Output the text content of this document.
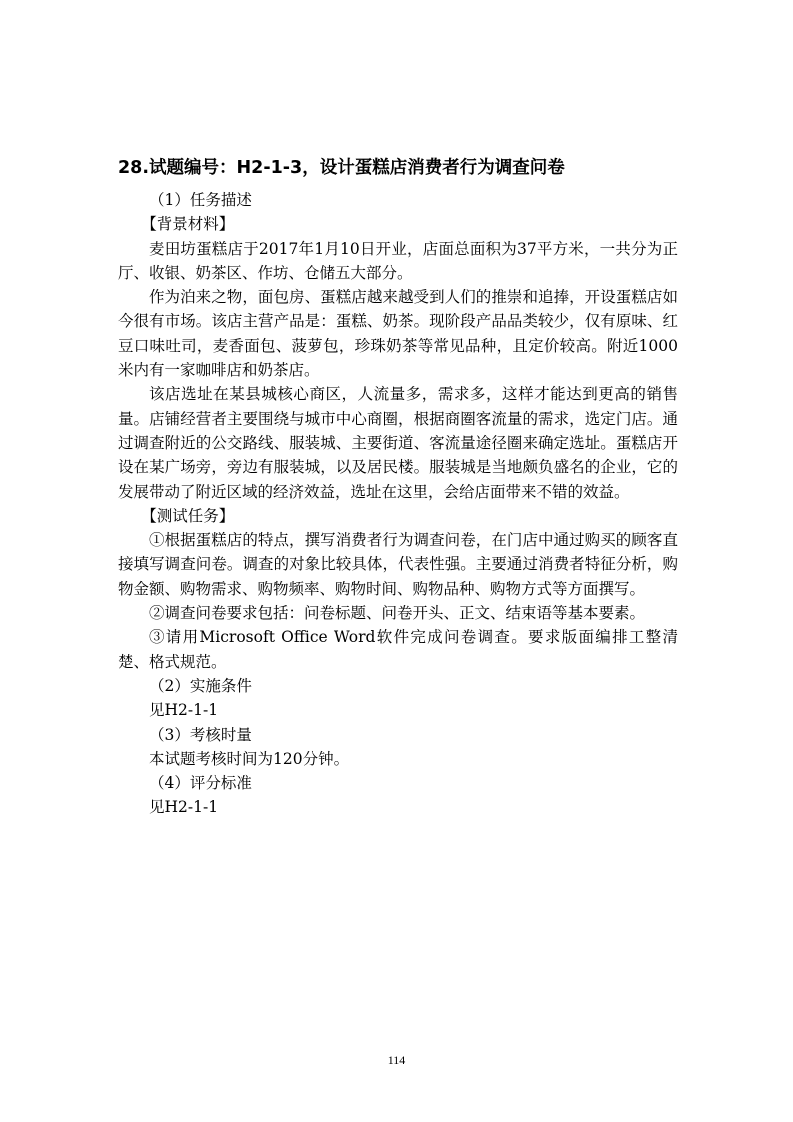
28.试题编号：H2-1-3，设计蛋糕店消费者行为调查问卷

（1）任务描述

【背景材料】

麦田坊蛋糕店于2017年1月10日开业，店面总面积为37平方米，一共分为正厅、收银、奶茶区、作坊、仓储五大部分。

作为泊来之物，面包房、蛋糕店越来越受到人们的推崇和追捧，开设蛋糕店如今很有市场。该店主营产品是：蛋糕、奶茶。现阶段产品品类较少，仅有原味、红豆口味吐司，麦香面包、菠萝包，珍珠奶茶等常见品种，且定价较高。附近1000米内有一家咖啡店和奶茶店。

该店选址在某县城核心商区，人流量多，需求多，这样才能达到更高的销售量。店铺经营者主要围绕与城市中心商圈，根据商圈客流量的需求，选定门店。通过调查附近的公交路线、服装城、主要街道、客流量途径圈来确定选址。蛋糕店开设在某广场旁，旁边有服装城，以及居民楼。服装城是当地颇负盛名的企业，它的发展带动了附近区域的经济效益，选址在这里，会给店面带来不错的效益。

【测试任务】

①根据蛋糕店的特点，撰写消费者行为调查问卷，在门店中通过购买的顾客直接填写调查问卷。调查的对象比较具体，代表性强。主要通过消费者特征分析，购物金额、购物需求、购物频率、购物时间、购物品种、购物方式等方面撰写。

②调查问卷要求包括：问卷标题、问卷开头、正文、结束语等基本要素。

③请用Microsoft Office Word软件完成问卷调查。要求版面编排工整清楚、格式规范。

（2）实施条件

见H2-1-1

（3）考核时量

本试题考核时间为120分钟。

（4）评分标准

见H2-1-1

114
